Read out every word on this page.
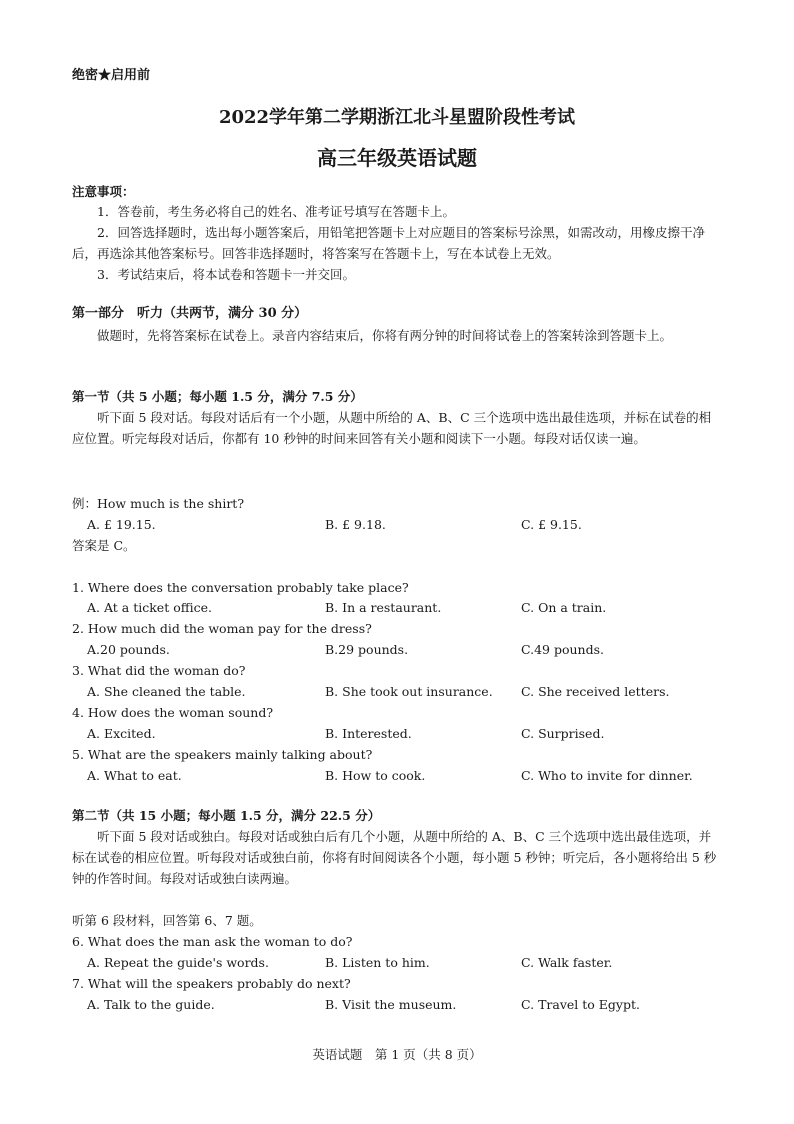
绝密★启用前
2022学年第二学期浙江北斗星盟阶段性考试
高三年级英语试题
注意事项：
1．答卷前，考生务必将自己的姓名、准考证号填写在答题卡上。
2．回答选择题时，选出每小题答案后，用铅笔把答题卡上对应题目的答案标号涂黑，如需改动，用橡皮擦干净后，再选涂其他答案标号。回答非选择题时，将答案写在答题卡上，写在本试卷上无效。
3．考试结束后，将本试卷和答题卡一并交回。
第一部分　听力（共两节，满分 30 分）
做题时，先将答案标在试卷上。录音内容结束后，你将有两分钟的时间将试卷上的答案转涂到答题卡上。
第一节（共 5 小题；每小题 1.5 分，满分 7.5 分）
听下面 5 段对话。每段对话后有一个小题，从题中所给的 A、B、C 三个选项中选出最佳选项，并标在试卷的相应位置。听完每段对话后，你都有 10 秒钟的时间来回答有关小题和阅读下一小题。每段对话仅读一遍。
例：How much is the shirt?
A. £ 19.15.	B. £ 9.18.	C. £ 9.15.
答案是 C。
1. Where does the conversation probably take place?
A. At a ticket office.	B. In a restaurant.	C. On a train.
2. How much did the woman pay for the dress?
A.20 pounds.	B.29 pounds.	C.49 pounds.
3. What did the woman do?
A. She cleaned the table.	B. She took out insurance. C. She received letters.
4. How does the woman sound?
A. Excited.	B. Interested.	C. Surprised.
5. What are the speakers mainly talking about?
A. What to eat.	B. How to cook.	C. Who to invite for dinner.
第二节（共 15 小题；每小题 1.5 分，满分 22.5 分）
听下面 5 段对话或独白。每段对话或独白后有几个小题，从题中所给的 A、B、C 三个选项中选出最佳选项，并标在试卷的相应位置。听每段对话或独白前，你将有时间阅读各个小题，每小题 5 秒钟；听完后，各小题将给出 5 秒钟的作答时间。每段对话或独白读两遍。
听第 6 段材料，回答第 6、7 题。
6. What does the man ask the woman to do?
A. Repeat the guide's words.	B. Listen to him.	C. Walk faster.
7. What will the speakers probably do next?
A. Talk to the guide.	B. Visit the museum.	C. Travel to Egypt.
英语试题　第 1 页（共 8 页）
